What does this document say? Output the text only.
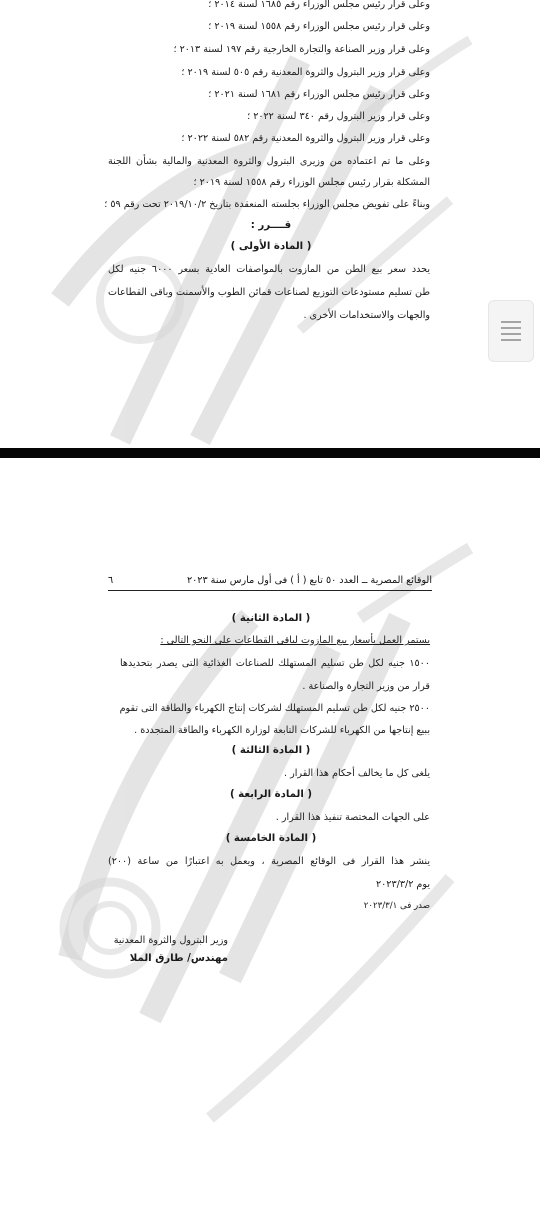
وعلى قرار رئيس مجلس الوزراء رقم ١٦٨٥ لسنة ٢٠١٤ ؛
وعلى قرار رئيس مجلس الوزراء رقم ١٥٥٨ لسنة ٢٠١٩ ؛
وعلى قرار وزير الصناعة والتجارة الخارجية رقم ١٩٧ لسنة ٢٠١٣ ؛
وعلى قرار وزير البترول والثروة المعدنية رقم ٥٠٥ لسنة ٢٠١٩ ؛
وعلى قرار رئيس مجلس الوزراء رقم ١٦٨١ لسنة ٢٠٢١ ؛
وعلى قرار وزير البترول رقم ٣٤٠ لسنة ٢٠٢٢ ؛
وعلى قرار وزير البترول والثروة المعدنية رقم ٥٨٢ لسنة ٢٠٢٢ ؛
وعلى ما تم اعتماده من وزيرى البترول والثروة المعدنية والمالية بشأن اللجنة
المشكلة بقرار رئيس مجلس الوزراء رقم ١٥٥٨ لسنة ٢٠١٩ ؛
وبناءً على تفويض مجلس الوزراء بجلسته المنعقدة بتاريخ ٢٠١٩/١٠/٢ تحت رقم ٥٩ ؛
قــــرر :
( المادة الأولى )
يحدد سعر بيع الطن من المازوت بالمواصفات العادية بسعر ٦٠٠٠ جنيه لكل
طن تسليم مستودعات التوزيع لصناعات قمائن الطوب والأسمنت وباقى القطاعات
والجهات والاستخدامات الأخرى .
الوقائع المصرية ــ العدد ٥٠ تابع ( أ ) فى أول مارس سنة ٢٠٢٣
٦
( المادة الثانية )
يستمر العمل بأسعار بيع المازوت لباقى القطاعات على النحو التالى :
١٥٠٠ جنيه لكل طن تسليم المستهلك للصناعات الغذائية التى يصدر بتحديدها
قرار من وزير التجارة والصناعة .
٢٥٠٠ جنيه لكل طن تسليم المستهلك لشركات إنتاج الكهرباء والطاقة التى تقوم
ببيع إنتاجها من الكهرباء للشركات التابعة لوزارة الكهرباء والطاقة المتجددة .
( المادة الثالثة )
يلغى كل ما يخالف أحكام هذا القرار .
( المادة الرابعة )
على الجهات المختصة تنفيذ هذا القرار .
( المادة الخامسة )
ينشر هذا القرار فى الوقائع المصرية ، ويعمل به اعتبارًا من ساعة (٢٠٠)
يوم ٢٠٢٣/٣/٢
صدر فى ٢٠٢٣/٣/١
وزير البترول والثروة المعدنية
مهندس/ طارق الملا
